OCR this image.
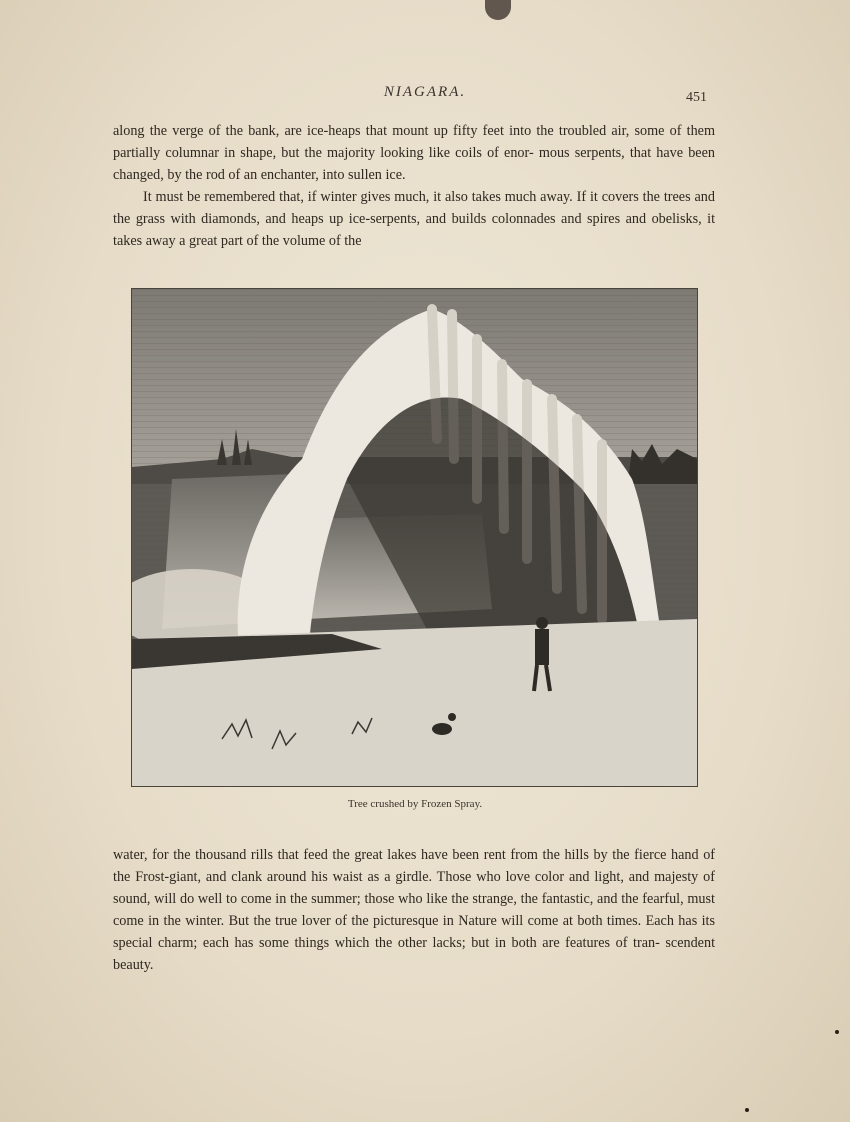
NIAGARA.	451

along the verge of the bank, are ice-heaps that mount up fifty feet into the troubled air, some of them partially columnar in shape, but the majority looking like coils of enor- mous serpents, that have been changed, by the rod of an enchanter, into sullen ice.

It must be remembered that, if winter gives much, it also takes much away. If it covers the trees and the grass with diamonds, and heaps up ice-serpents, and builds colonnades and spires and obelisks, it takes away a great part of the volume of the

Tree crushed by Frozen Spray.

water, for the thousand rills that feed the great lakes have been rent from the hills by the fierce hand of the Frost-giant, and clank around his waist as a girdle. Those who love color and light, and majesty of sound, will do well to come in the summer; those who like the strange, the fantastic, and the fearful, must come in the winter. But the true lover of the picturesque in Nature will come at both times. Each has its special charm; each has some things which the other lacks; but in both are features of tran- scendent beauty.
